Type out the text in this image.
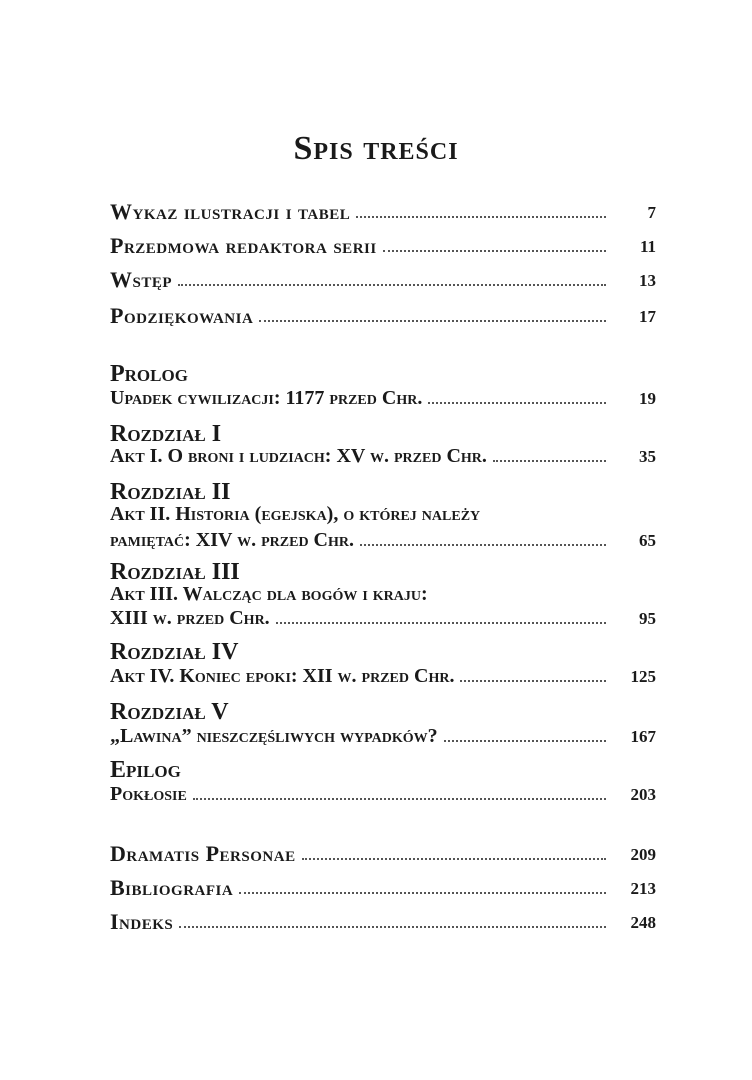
Spis treści
Wykaz ilustracji i tabel	7
Przedmowa redaktora serii	11
Wstęp	13
Podziękowania	17
Prolog
Upadek cywilizacji: 1177 przed Chr.	19
Rozdział I
Akt I. O broni i ludziach: XV w. przed Chr.	35
Rozdział II
Akt II. Historia (egejska), o której należy
pamiętać: XIV w. przed Chr.	65
Rozdział III
Akt III. Walcząc dla bogów i kraju:
XIII w. przed Chr.	95
Rozdział IV
Akt IV. Koniec epoki: XII w. przed Chr.	125
Rozdział V
„Lawina” nieszczęśliwych wypadków?	167
Epilog
Pokłosie	203
Dramatis Personae	209
Bibliografia	213
Indeks	248
